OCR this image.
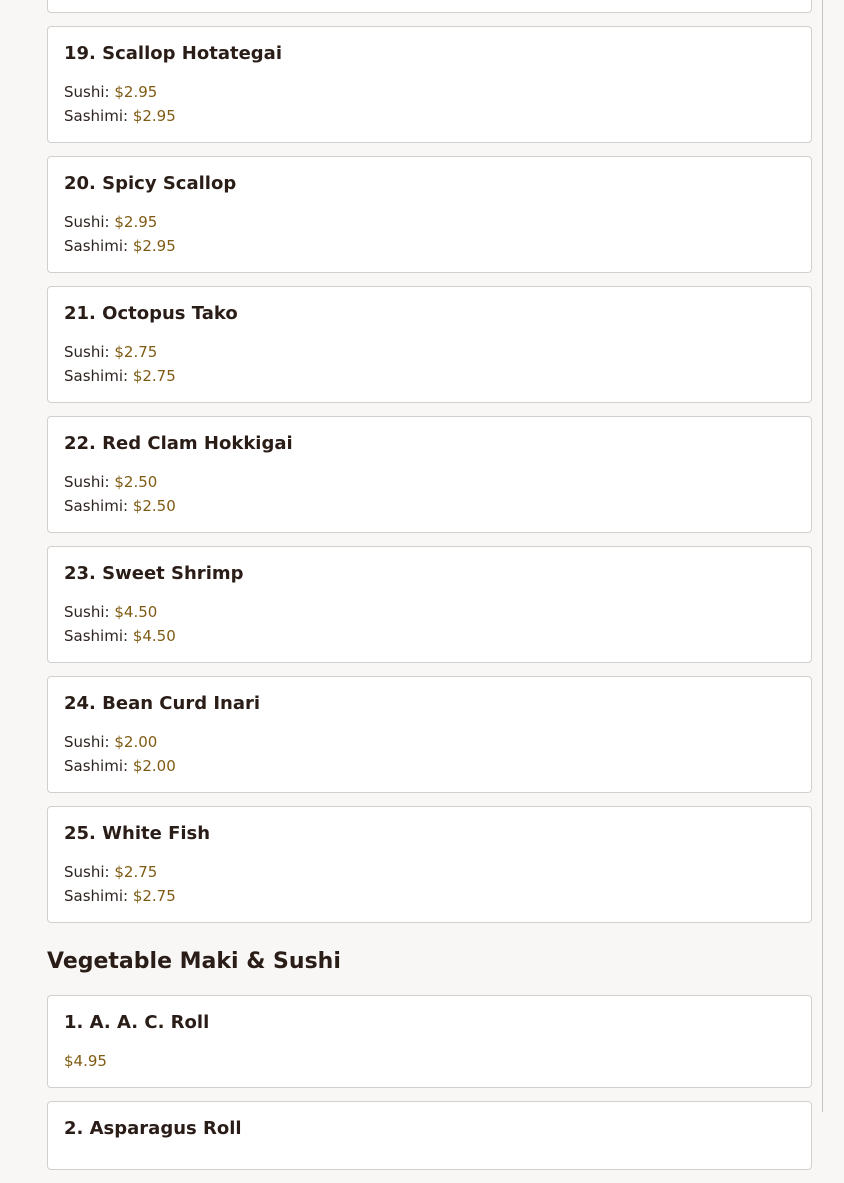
19. Scallop Hotategai
Sushi: $2.95
Sashimi: $2.95
20. Spicy Scallop
Sushi: $2.95
Sashimi: $2.95
21. Octopus Tako
Sushi: $2.75
Sashimi: $2.75
22. Red Clam Hokkigai
Sushi: $2.50
Sashimi: $2.50
23. Sweet Shrimp
Sushi: $4.50
Sashimi: $4.50
24. Bean Curd Inari
Sushi: $2.00
Sashimi: $2.00
25. White Fish
Sushi: $2.75
Sashimi: $2.75
Vegetable Maki & Sushi
1. A. A. C. Roll
$4.95
2. Asparagus Roll
